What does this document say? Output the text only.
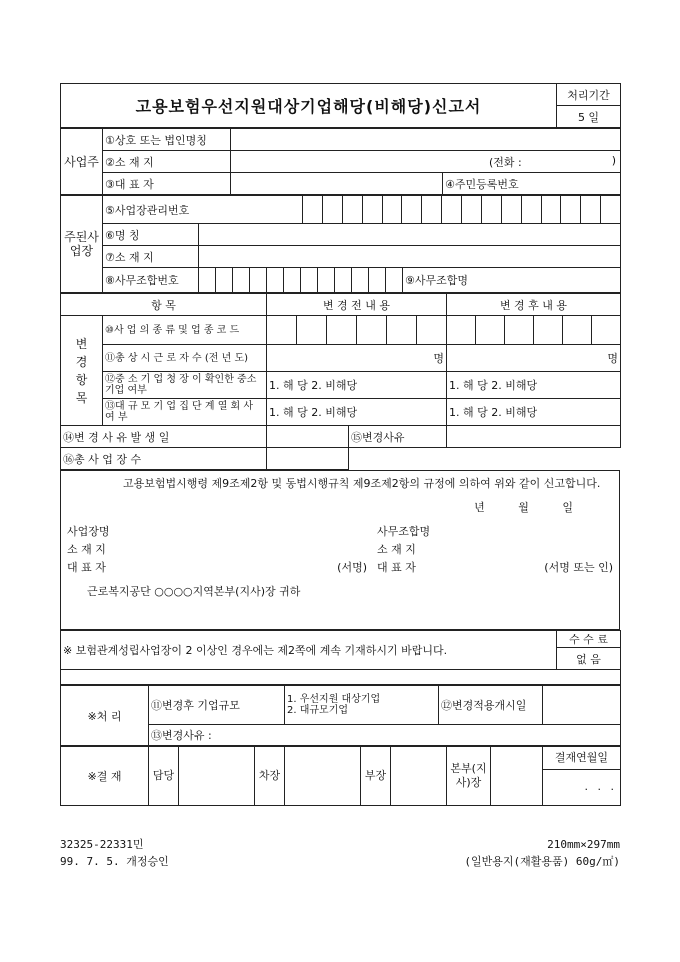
고용보험우선지원대상기업해당(비해당)신고서	처리기간
5 일
사업주	①상호 또는 법인명칭			
	②소 재 지	(전화 : )		

	③대 표 자		④주민등록번호	
주된사업장	⑤사업장관리번호			

	⑥명 칭			
	⑦소 재 지			
	⑧사무조합번호			⑨사무조합명
항 목		변 경 전 내 용		변 경 후 내 용
변경항목	⑩사 업 의 종 류 및 업 종 코 드		

	⑪총 상 시 근 로 자 수 (전 년 도)	명		명
	⑫중 소 기 업 청 장 이 확인한 중소기업 여부	1. 해 당 2. 비해당		1. 해 당 2. 비해당
	⑬대 규 모 기 업 집 단 계 열 회 사 여 부	1. 해 당 2. 비해당		1. 해 당 2. 비해당
⑭변 경 사 유 발 생 일			⑮변경사유	
⑯총 사 업 장 수				
고용보험법시행령 제9조제2항 및 동법시행규칙 제9조제2항의 규정에 의하여 위와 같이 신고합니다.
년 월 일
사업장명
소 재 지
대 표 자	(서명)
사무조합명
소 재 지
대 표 자	(서명 또는 인)
근로복지공단 ○○○○지역본부(지사)장 귀하
※ 보험관계성립사업장이 2 이상인 경우에는 제2쪽에 계속 기재하시기 바랍니다.	수 수 료
없 음

※처 리	⑪변경후 기업규모	1. 우선지원 대상기업
2. 대규모기업	⑫변경적용개시일	
⑬변경사유 :
※결 재	담당		차장		부장		본부(지사)장		
결재연월일
. . .
32325-22331민
99. 7. 5. 개정승인
210mm×297mm
(일반용지(재활용품) 60g/㎡)
